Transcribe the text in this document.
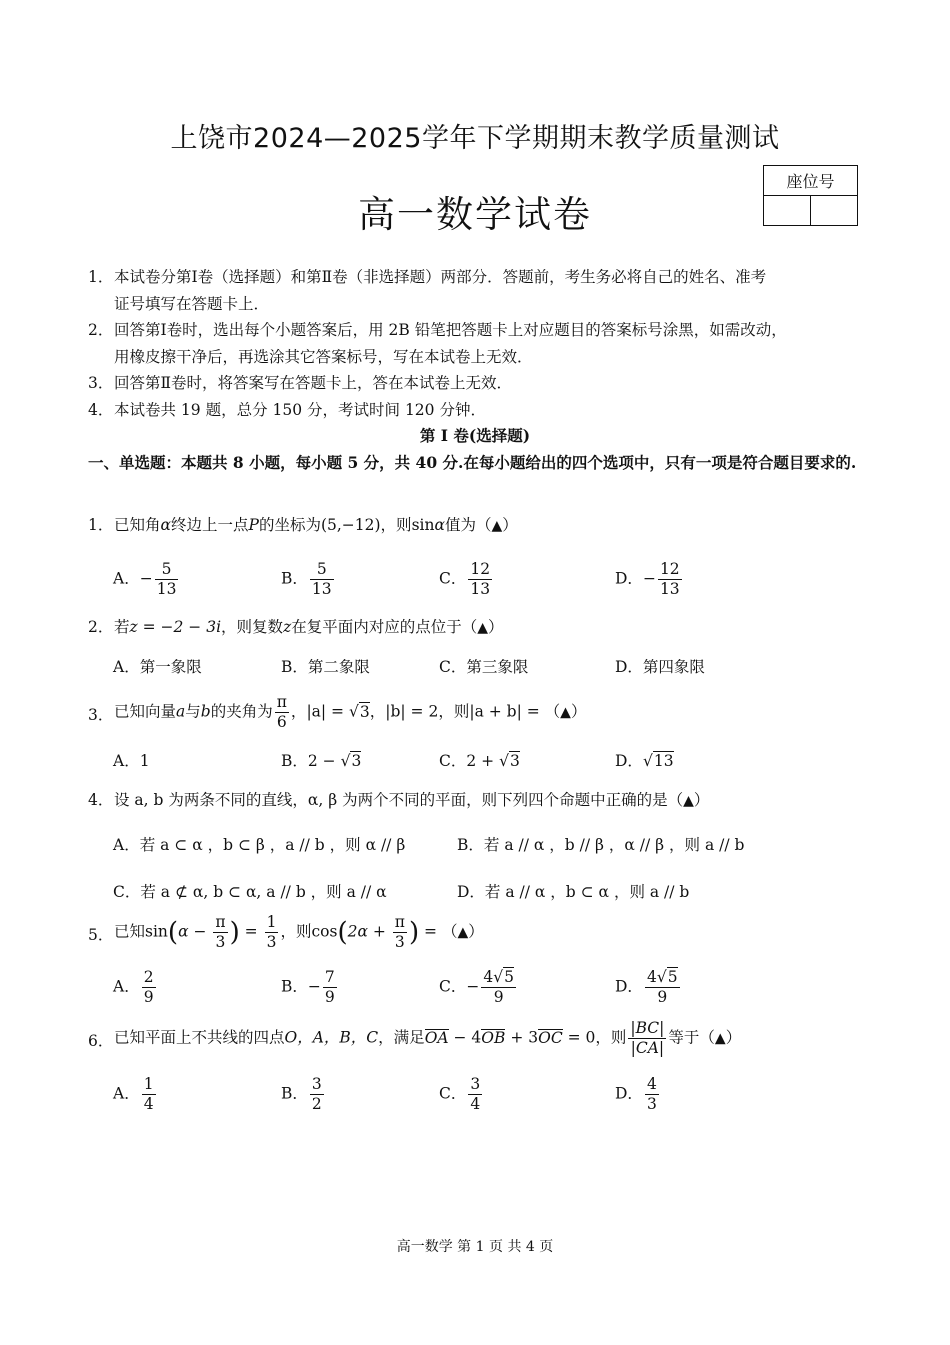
上饶市2024—2025学年下学期期末教学质量测试
高一数学试卷
座位号

1． 本试卷分第Ⅰ卷（选择题）和第Ⅱ卷（非选择题）两部分．答题前，考生务必将自己的姓名、准考
证号填写在答题卡上．
2． 回答第Ⅰ卷时，选出每个小题答案后，用 2B 铅笔把答题卡上对应题目的答案标号涂黑，如需改动，
用橡皮擦干净后，再选涂其它答案标号，写在本试卷上无效．
3． 回答第Ⅱ卷时，将答案写在答题卡上，答在本试卷上无效．
4． 本试卷共 19 题，总分 150 分，考试时间 120 分钟．
第 I 卷(选择题)
一、单选题：本题共 8 小题，每小题 5 分，共 40 分.在每小题给出的四个选项中，只有一项是符合题目要求的.
1． 已知角α终边上一点P的坐标为(5,−12)，则sinα值为（▲）
A．− $\frac{5}{13}$	B． $\frac{5}{13}$	C． $\frac{12}{13}$	D．− $\frac{12}{13}$
2． 若z = −2 − 3i，则复数z在复平面内对应的点位于（▲）
A．第一象限	B．第二象限	C．第三象限	D．第四象限
3． 已知向量a与b的夹角为 $\frac{\pi}{6}$ ，|a| = √3，|b| = 2，则|a + b| = （▲）
A．1	B．2 − √3	C．2 + √3	D．√13
4． 设 a, b 为两条不同的直线，α, β 为两个不同的平面，则下列四个命题中正确的是（▲）
A．若 a ⊂ α ，b ⊂ β ，a // b ，则 α // β	B．若 a // α ，b // β ，α // β ，则 a // b
C．若 a ⊄ α, b ⊂ α, a // b ，则 a // α	D．若 a // α ，b ⊂ α ，则 a // b
5． 已知$\sin(\alpha - \frac{\pi}{3}$ ) = $\frac{1}{3}$ ，则$\cos(2\alpha + \frac{\pi}{3}$ ) = （▲）
A． $\frac{2}{9}$	B．− $\frac{7}{9}$	C．− $\frac{4√5}{9}$	D． $\frac{4√5}{9}$
6． 已知平面上不共线的四点O，A，B，C，满足OA − 4OB + 3OC = 0，则 $\frac{|BC|}{|CA|}$ 等于（▲）
A． $\frac{1}{4}$	B． $\frac{3}{2}$	C． $\frac{3}{4}$	D． $\frac{4}{3}$
高一数学 第 1 页 共 4 页
